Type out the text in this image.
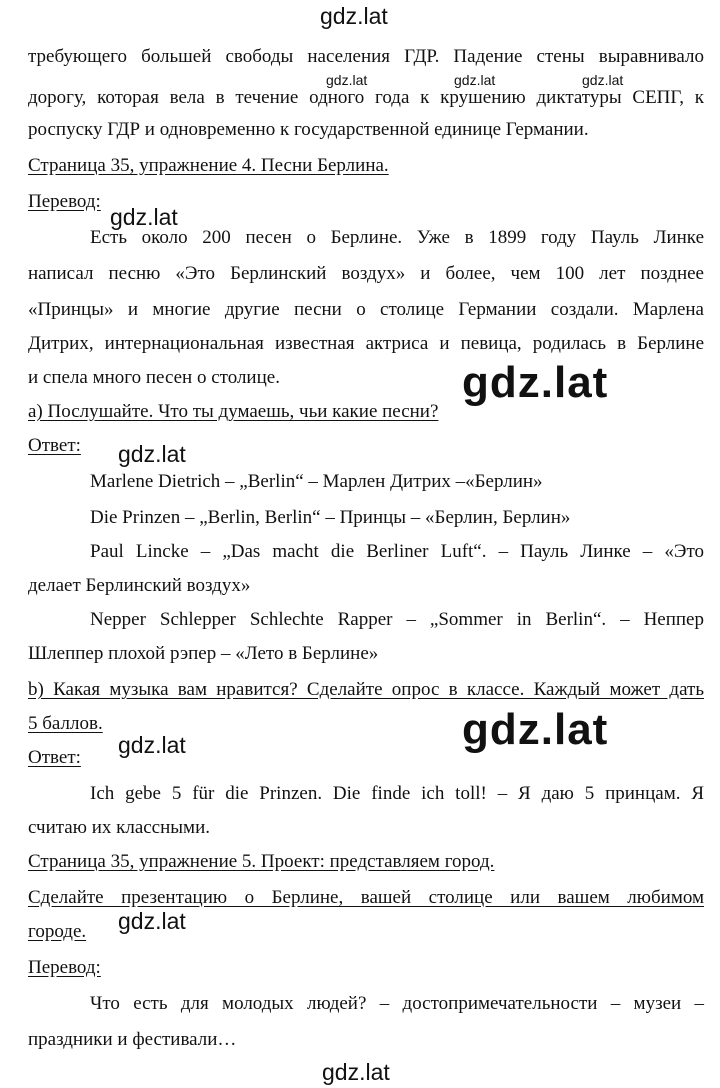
gdz.lat
gdz.lat	gdz.lat	gdz.lat
gdz.lat
gdz.lat
gdz.lat
gdz.lat
gdz.lat
gdz.lat
gdz.lat
требующего большей свободы населения ГДР. Падение стены выравнивало
дорогу, которая вела в течение одного года к крушению диктатуры СЕПГ, к
роспуску ГДР и одновременно к государственной единице Германии.
Страница 35, упражнение 4. Песни Берлина.
Перевод:
Есть около 200 песен о Берлине. Уже в 1899 году Пауль Линке
написал песню «Это Берлинский воздух» и более, чем 100 лет позднее
«Принцы» и многие другие песни о столице Германии создали. Марлена
Дитрих, интернациональная известная актриса и певица, родилась в Берлине
и спела много песен о столице.
a) Послушайте. Что ты думаешь, чьи какие песни?
Ответ:
Marlene Dietrich – „Berlin“ – Марлен Дитрих –«Берлин»
Die Prinzen – „Berlin, Berlin“ – Принцы – «Берлин, Берлин»
Paul Lincke – „Das macht die Berliner Luft“. – Пауль Линке – «Это
делает Берлинский воздух»
Nepper Schlepper Schlechte Rapper – „Sommer in Berlin“. – Неппер
Шлеппер плохой рэпер – «Лето в Берлине»
b) Какая музыка вам нравится? Сделайте опрос в классе. Каждый может дать
5 баллов.
Ответ:
Ich gebe 5 für die Prinzen. Die finde ich toll! – Я даю 5 принцам. Я
считаю их классными.
Страница 35, упражнение 5. Проект: представляем город.
Сделайте презентацию о Берлине, вашей столице или вашем любимом
городе.
Перевод:
Что есть для молодых людей? – достопримечательности – музеи –
праздники и фестивали…
